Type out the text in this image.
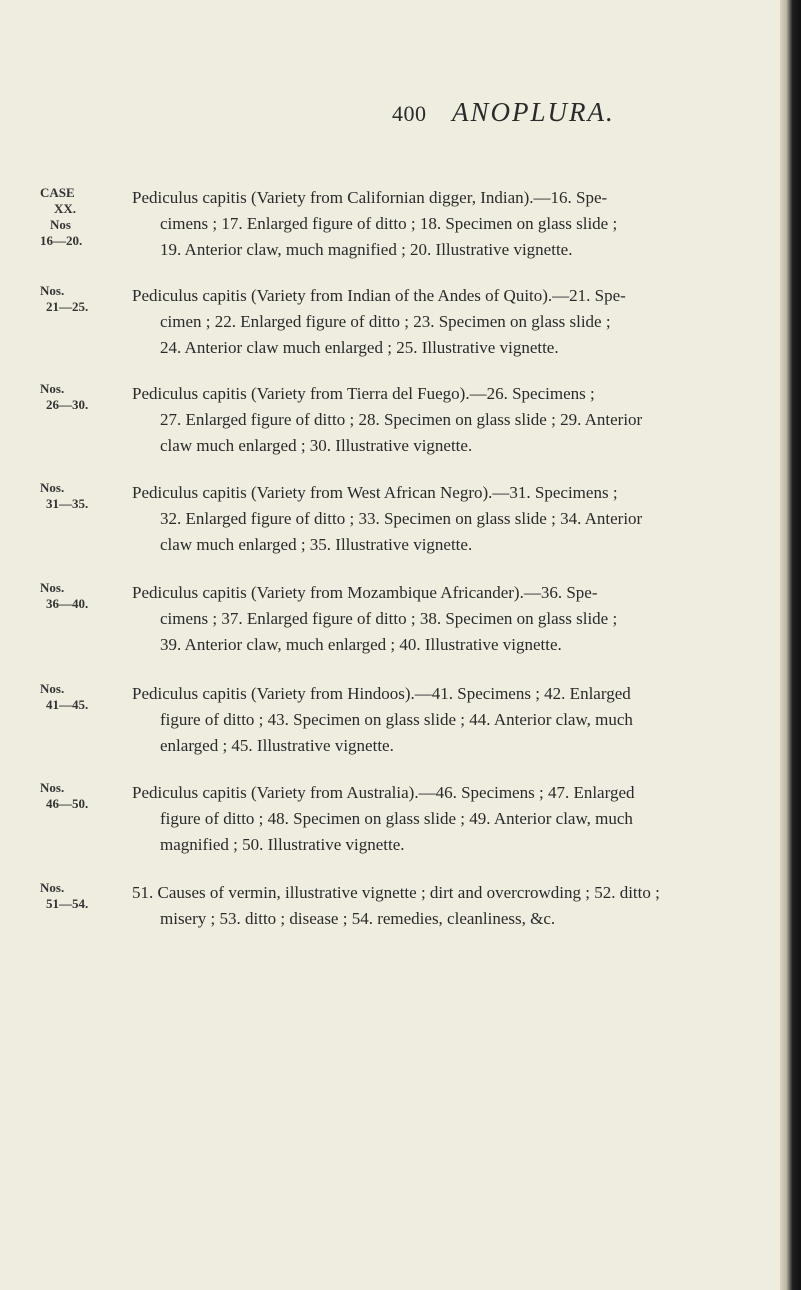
400 ANOPLURA.
CASE
XX.
Nos
16—20.
Pediculus capitis (Variety from Californian digger, Indian).—16. Spe-
cimens ; 17. Enlarged figure of ditto ; 18. Specimen on glass slide ;
19. Anterior claw, much magnified ; 20. Illustrative vignette.
Nos.
21—25.
Pediculus capitis (Variety from Indian of the Andes of Quito).—21. Spe-
cimen ; 22. Enlarged figure of ditto ; 23. Specimen on glass slide ;
24. Anterior claw much enlarged ; 25. Illustrative vignette.
Nos.
26—30.
Pediculus capitis (Variety from Tierra del Fuego).—26. Specimens ;
27. Enlarged figure of ditto ; 28. Specimen on glass slide ; 29. Anterior
claw much enlarged ; 30. Illustrative vignette.
Nos.
31—35.
Pediculus capitis (Variety from West African Negro).—31. Specimens ;
32. Enlarged figure of ditto ; 33. Specimen on glass slide ; 34. Anterior
claw much enlarged ; 35. Illustrative vignette.
Nos.
36—40.
Pediculus capitis (Variety from Mozambique Africander).—36. Spe-
cimens ; 37. Enlarged figure of ditto ; 38. Specimen on glass slide ;
39. Anterior claw, much enlarged ; 40. Illustrative vignette.
Nos.
41—45.
Pediculus capitis (Variety from Hindoos).—41. Specimens ; 42. Enlarged
figure of ditto ; 43. Specimen on glass slide ; 44. Anterior claw, much
enlarged ; 45. Illustrative vignette.
Nos.
46—50.
Pediculus capitis (Variety from Australia).—46. Specimens ; 47. Enlarged
figure of ditto ; 48. Specimen on glass slide ; 49. Anterior claw, much
magnified ; 50. Illustrative vignette.
Nos.
51—54.
51. Causes of vermin, illustrative vignette ; dirt and overcrowding ; 52. ditto ;
misery ; 53. ditto ; disease ; 54. remedies, cleanliness, &c.
